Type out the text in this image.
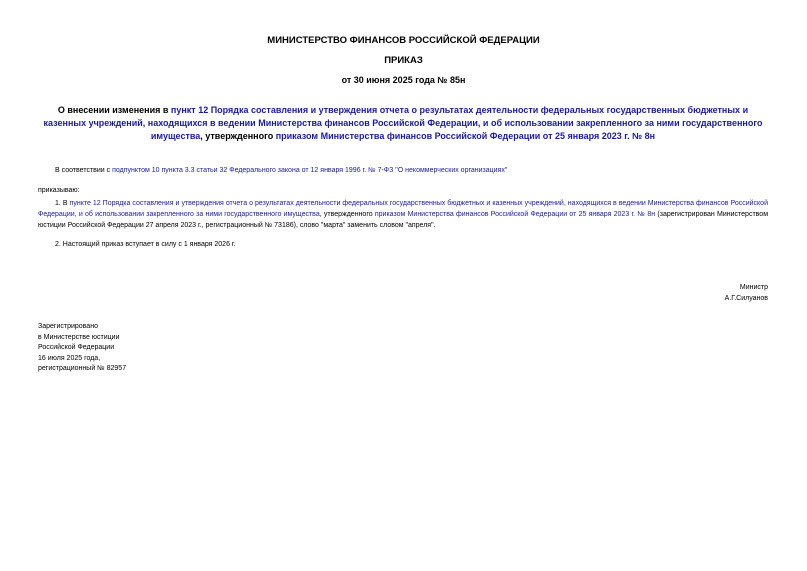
МИНИСТЕРСТВО ФИНАНСОВ РОССИЙСКОЙ ФЕДЕРАЦИИ
ПРИКАЗ
от 30 июня 2025 года № 85н
О внесении изменения в пункт 12 Порядка составления и утверждения отчета о результатах деятельности федеральных государственных бюджетных и казенных учреждений, находящихся в ведении Министерства финансов Российской Федерации, и об использовании закрепленного за ними государственного имущества, утвержденного приказом Министерства финансов Российской Федерации от 25 января 2023 г. № 8н
В соответствии с подпунктом 10 пункта 3.3 статьи 32 Федерального закона от 12 января 1996 г. № 7-ФЗ "О некоммерческих организациях"
приказываю:
1. В пункте 12 Порядка составления и утверждения отчета о результатах деятельности федеральных государственных бюджетных и казенных учреждений, находящихся в ведении Министерства финансов Российской Федерации, и об использовании закрепленного за ними государственного имущества, утвержденного приказом Министерства финансов Российской Федерации от 25 января 2023 г. № 8н (зарегистрирован Министерством юстиции Российской Федерации 27 апреля 2023 г., регистрационный № 73186), слово "марта" заменить словом "апреля".
2. Настоящий приказ вступает в силу с 1 января 2026 г.
Министр
А.Г.Силуанов
Зарегистрировано
в Министерстве юстиции
Российской Федерации
16 июля 2025 года,
регистрационный № 82957
